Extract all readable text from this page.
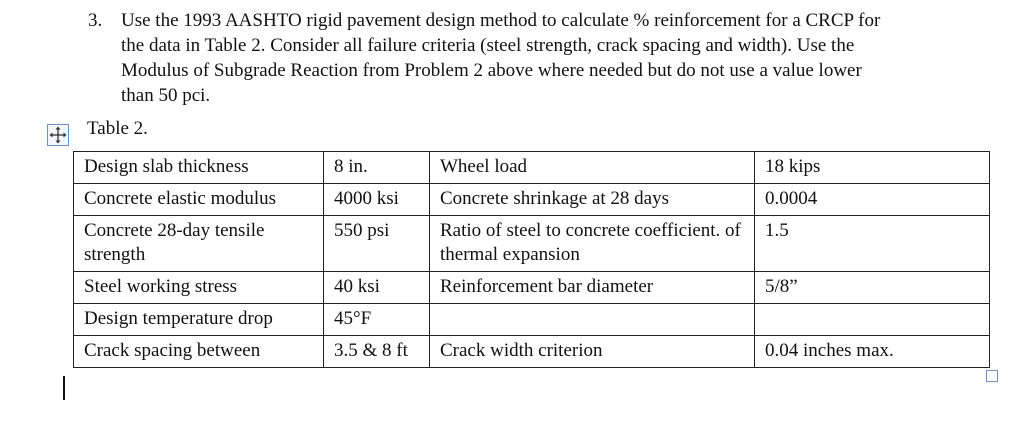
3. Use the 1993 AASHTO rigid pavement design method to calculate % reinforcement for a CRCP for
the data in Table 2. Consider all failure criteria (steel strength, crack spacing and width). Use the
Modulus of Subgrade Reaction from Problem 2 above where needed but do not use a value lower
than 50 pci.

Table 2.

Design slab thickness	8 in.	Wheel load	18 kips
Concrete elastic modulus	4000 ksi	Concrete shrinkage at 28 days	0.0004
Concrete 28-day tensile strength	550 psi	Ratio of steel to concrete coefficient. of thermal expansion	1.5
Steel working stress	40 ksi	Reinforcement bar diameter	5/8”
Design temperature drop	45°F		
Crack spacing between	3.5 & 8 ft	Crack width criterion	0.04 inches max.
